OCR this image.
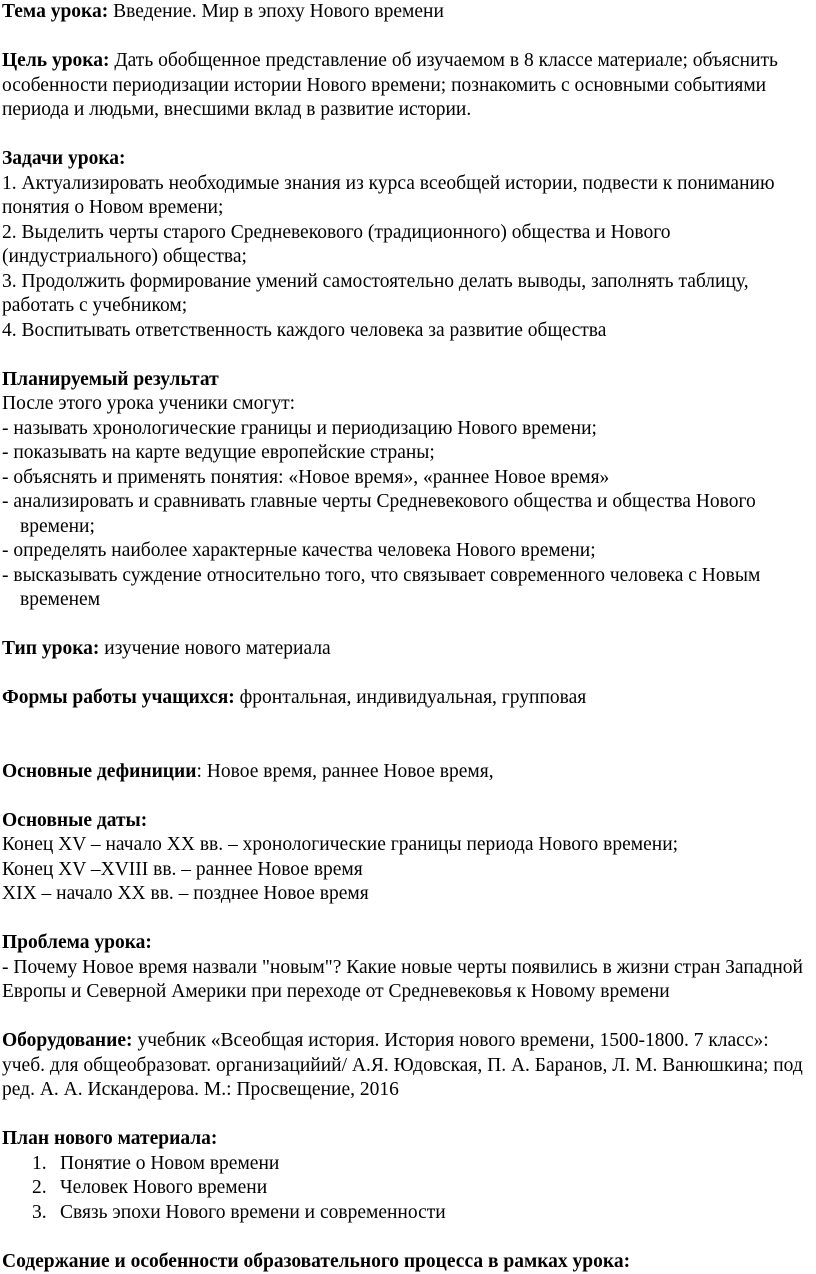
Тема урока: Введение. Мир в эпоху Нового времени

Цель урока: Дать обобщенное представление об изучаемом в 8 классе материале; объяснить особенности периодизации истории Нового времени; познакомить с основными событиями периода и людьми, внесшими вклад в развитие истории.

Задачи урока:

1. Актуализировать необходимые знания из курса всеобщей истории, подвести к пониманию понятия о Новом времени;

2. Выделить черты старого Средневекового (традиционного) общества и Нового (индустриального) общества;

3. Продолжить формирование умений самостоятельно делать выводы, заполнять таблицу, работать с учебником;

4. Воспитывать ответственность каждого человека за развитие общества

Планируемый результат

После этого урока ученики смогут:

- называть хронологические границы и периодизацию Нового времени;

- показывать на карте ведущие европейские страны;

- объяснять и применять понятия: «Новое время», «раннее Новое время»

- анализировать и сравнивать главные черты Средневекового общества и общества Нового времени;

- определять наиболее характерные качества человека Нового времени;

- высказывать суждение относительно того, что связывает современного человека с Новым временем

Тип урока: изучение нового материала

Формы работы учащихся: фронтальная, индивидуальная, групповая

Основные дефиниции: Новое время, раннее Новое время,

Основные даты:

Конец XV – начало XX вв. – хронологические границы периода Нового времени;

Конец XV –XVIII вв. – раннее Новое время

XIX – начало XX вв. – позднее Новое время

Проблема урока:

- Почему Новое время назвали "новым"? Какие новые черты появились в жизни стран Западной Европы и Северной Америки при переходе от Средневековья к Новому времени

Оборудование: учебник «Всеобщая история. История нового времени, 1500-1800. 7 класс»: учеб. для общеобразоват. организацийий/ А.Я. Юдовская, П. А. Баранов, Л. М. Ванюшкина; под ред. А. А. Искандерова. М.: Просвещение, 2016

План нового материала:

1. Понятие о Новом времени
2. Человек Нового времени
3. Связь эпохи Нового времени и современности

Содержание и особенности образовательного процесса в рамках урока:
